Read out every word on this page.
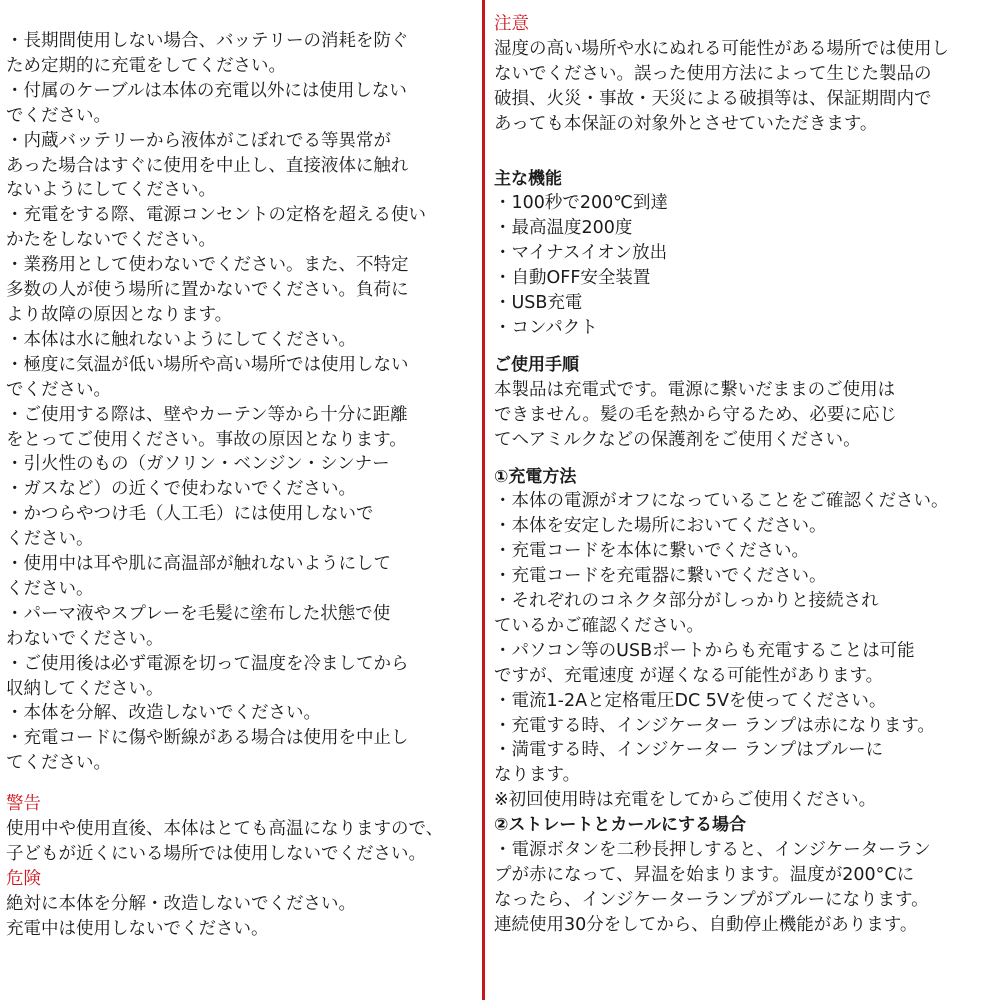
・長期間使用しない場合、バッテリーの消耗を防ぐ
ため定期的に充電をしてください。
・付属のケーブルは本体の充電以外には使用しない
でください。
・内蔵バッテリーから液体がこぼれでる等異常が
あった場合はすぐに使用を中止し、直接液体に触れ
ないようにしてください。
・充電をする際、電源コンセントの定格を超える使い
かたをしないでください。
・業務用として使わないでください。また、不特定
多数の人が使う場所に置かないでください。負荷に
より故障の原因となります。
・本体は水に触れないようにしてください。
・極度に気温が低い場所や高い場所では使用しない
でください。
・ご使用する際は、壁やカーテン等から十分に距離
をとってご使用ください。事故の原因となります。
・引火性のもの（ガソリン・ベンジン・シンナー
・ガスなど）の近くで使わないでください。
・かつらやつけ毛（人工毛）には使用しないで
ください。
・使用中は耳や肌に高温部が触れないようにして
ください。
・パーマ液やスプレーを毛髪に塗布した状態で使
わないでください。
・ご使用後は必ず電源を切って温度を冷ましてから
収納してください。
・本体を分解、改造しないでください。
・充電コードに傷や断線がある場合は使用を中止し
てください。
警告
使用中や使用直後、本体はとても高温になりますので、
子どもが近くにいる場所では使用しないでください。
危険
絶対に本体を分解・改造しないでください。
充電中は使用しないでください。
注意
湿度の高い場所や水にぬれる可能性がある場所では使用し
ないでください。誤った使用方法によって生じた製品の
破損、火災・事故・天災による破損等は、保証期間内で
あっても本保証の対象外とさせていただきます。
主な機能
・100秒で200℃到達
・最高温度200度
・マイナスイオン放出
・自動OFF安全装置
・USB充電
・コンパクト
ご使用手順
本製品は充電式です。電源に繋いだままのご使用は
できません。髪の毛を熱から守るため、必要に応じ
てヘアミルクなどの保護剤をご使用ください。
①充電方法
・本体の電源がオフになっていることをご確認ください。
・本体を安定した場所においてください。
・充電コードを本体に繋いでください。
・充電コードを充電器に繋いでください。
・それぞれのコネクタ部分がしっかりと接続され
ているかご確認ください。
・パソコン等のUSBポートからも充電することは可能
ですが、充電速度 が遅くなる可能性があります。
・電流1-2Aと定格電圧DC 5Vを使ってください。
・充電する時、インジケーター ランプは赤になります。
・満電する時、インジケーター ランプはブルーに
なります。
※初回使用時は充電をしてからご使用ください。
②ストレートとカールにする場合
・電源ボタンを二秒長押しすると、インジケーターラン
プが赤になって、昇温を始まります。温度が200°Cに
なったら、インジケーターランプがブルーになります。
連続使用30分をしてから、自動停止機能があります。
